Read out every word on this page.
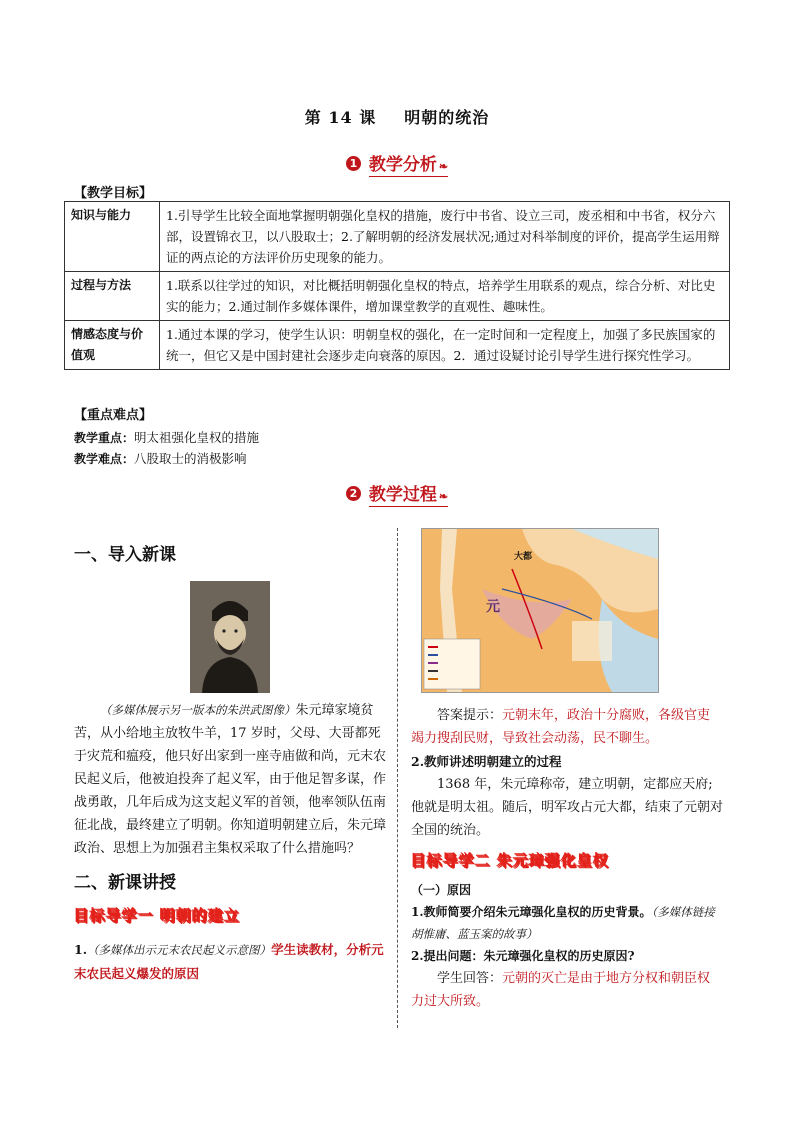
第 14 课 明朝的统治
1 教学分析 ❧
【教学目标】
知识与能力	1.引导学生比较全面地掌握明朝强化皇权的措施，废行中书省、设立三司，废丞相和中书省，权分六部，设置锦衣卫，以八股取士；2.了解明朝的经济发展状况;通过对科举制度的评价，提高学生运用辩证的两点论的方法评价历史现象的能力。
过程与方法	1.联系以往学过的知识，对比概括明朝强化皇权的特点，培养学生用联系的观点，综合分析、对比史实的能力；2.通过制作多媒体课件，增加课堂教学的直观性、趣味性。
情感态度与价值观	1.通过本课的学习，使学生认识：明朝皇权的强化，在一定时间和一定程度上，加强了多民族国家的统一，但它又是中国封建社会逐步走向衰落的原因。2．通过设疑讨论引导学生进行探究性学习。
【重点难点】
教学重点：明太祖强化皇权的措施
教学难点：八股取士的消极影响
2 教学过程 ❧
一、导入新课
（多媒体展示另一版本的朱洪武图像）朱元璋家境贫苦，从小给地主放牧牛羊，17 岁时，父母、大哥都死于灾荒和瘟疫，他只好出家到一座寺庙做和尚，元末农民起义后，他被迫投奔了起义军，由于他足智多谋，作战勇敢，几年后成为这支起义军的首领，他率领队伍南征北战，最终建立了明朝。你知道明朝建立后，朱元璋政治、思想上为加强君主集权采取了什么措施吗？
二、新课讲授
目标导学一 明朝的建立
1.（多媒体出示元末农民起义示意图）学生读教材，分析元末农民起义爆发的原因
大都
元
答案提示：元朝末年，政治十分腐败，各级官吏竭力搜刮民财，导致社会动荡，民不聊生。
2.教师讲述明朝建立的过程
1368 年，朱元璋称帝，建立明朝，定都应天府;他就是明太祖。随后，明军攻占元大都，结束了元朝对全国的统治。
目标导学二 朱元璋强化皇权
（一）原因
1.教师简要介绍朱元璋强化皇权的历史背景。（多媒体链接胡惟庸、蓝玉案的故事）
2.提出问题：朱元璋强化皇权的历史原因?
学生回答：元朝的灭亡是由于地方分权和朝臣权力过大所致。
